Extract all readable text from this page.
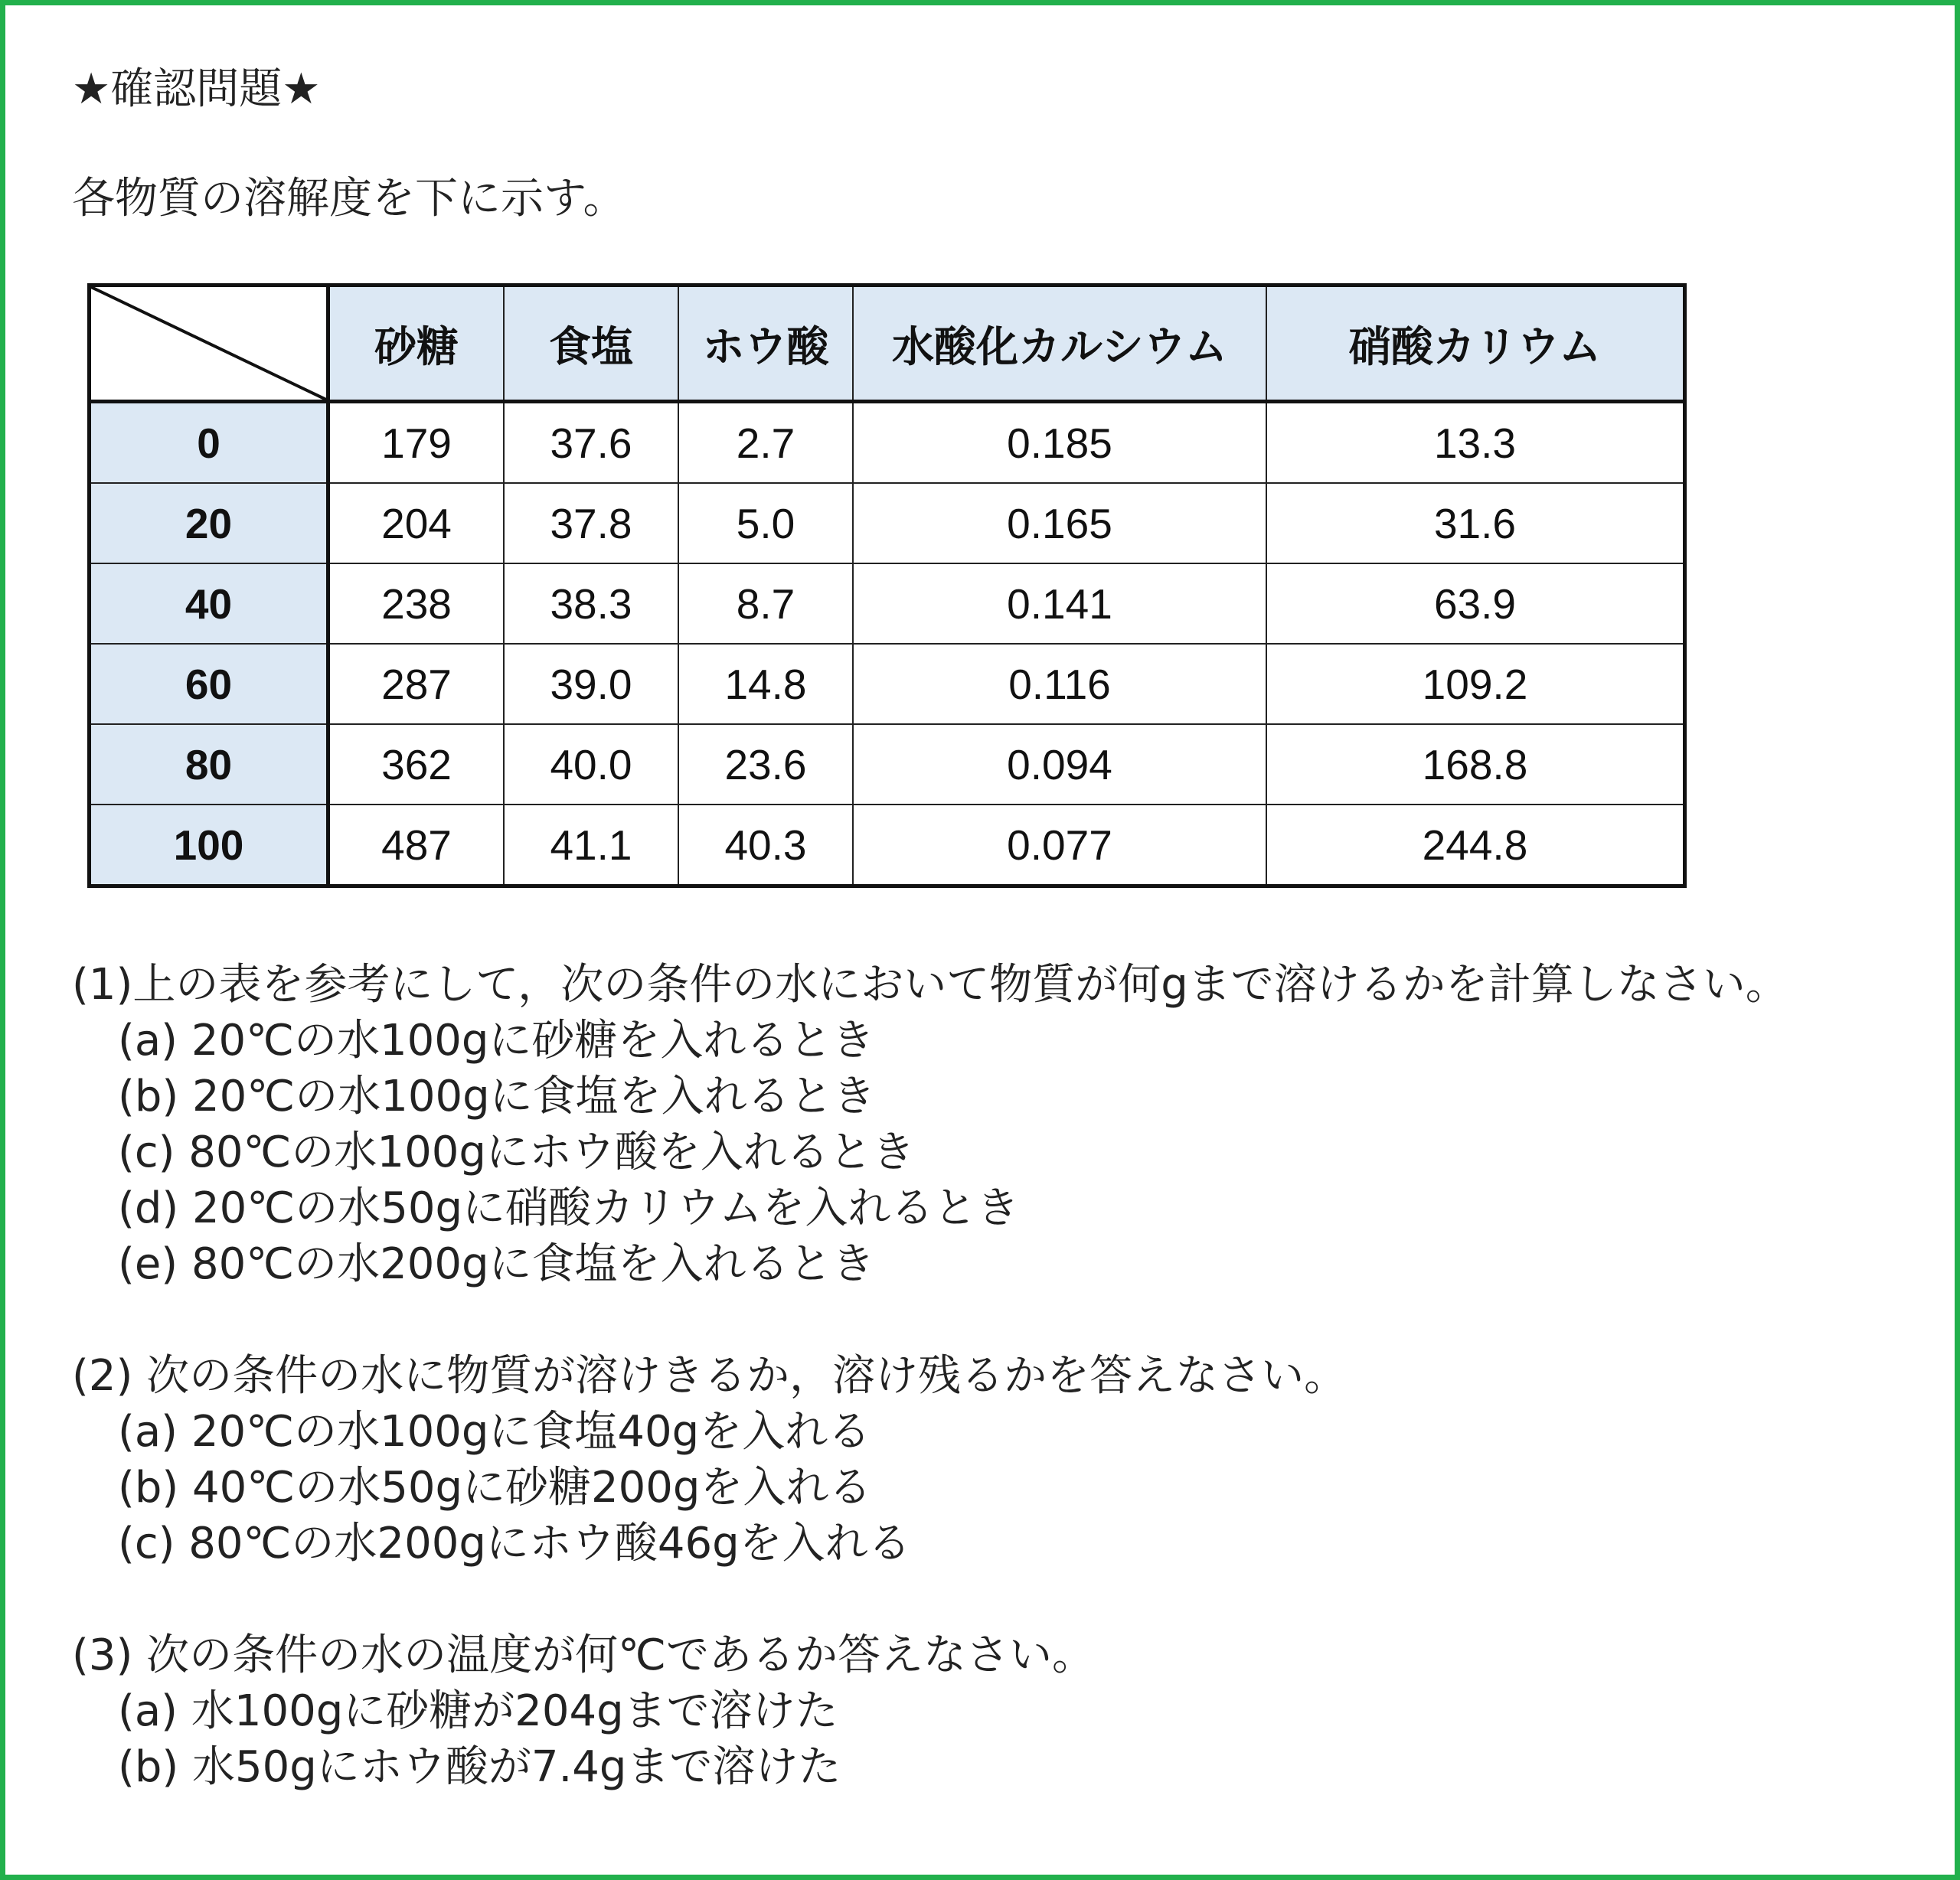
★確認問題★
各物質の溶解度を下に示す。
	砂糖	食塩	ホウ酸	水酸化カルシウム	硝酸カリウム
0	179	37.6	2.7	0.185	13.3
20	204	37.8	5.0	0.165	31.6
40	238	38.3	8.7	0.141	63.9
60	287	39.0	14.8	0.116	109.2
80	362	40.0	23.6	0.094	168.8
100	487	41.1	40.3	0.077	244.8
(1)上の表を参考にして，次の条件の水において物質が何gまで溶けるかを計算しなさい。
(a) 20℃の水100gに砂糖を入れるとき
(b) 20℃の水100gに食塩を入れるとき
(c) 80℃の水100gにホウ酸を入れるとき
(d) 20℃の水50gに硝酸カリウムを入れるとき
(e) 80℃の水200gに食塩を入れるとき
(2) 次の条件の水に物質が溶けきるか，溶け残るかを答えなさい。
(a) 20℃の水100gに食塩40gを入れる
(b) 40℃の水50gに砂糖200gを入れる
(c) 80℃の水200gにホウ酸46gを入れる
(3) 次の条件の水の温度が何℃であるか答えなさい。
(a) 水100gに砂糖が204gまで溶けた
(b) 水50gにホウ酸が7.4gまで溶けた
